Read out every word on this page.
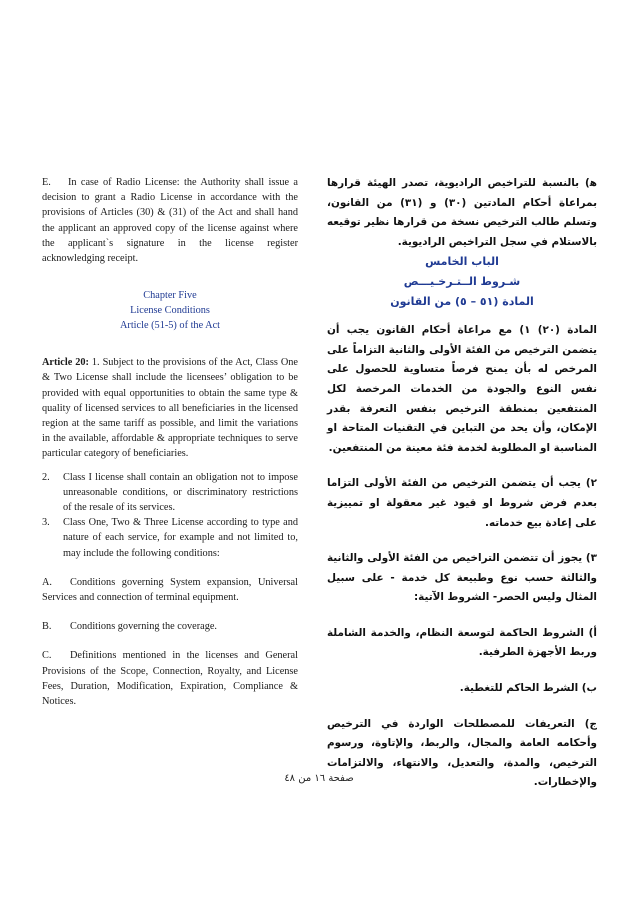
E. In case of Radio License: the Authority shall issue a decision to grant a Radio License in accordance with the provisions of Articles (30) & (31) of the Act and shall hand the applicant an approved copy of the license against where the applicant`s signature in the license register acknowledging receipt.

Chapter Five
License Conditions
Article (51-5) of the Act

Article 20: 1. Subject to the provisions of the Act, Class One & Two License shall include the licensees’ obligation to be provided with equal opportunities to obtain the same type & quality of licensed services to all beneficiaries in the licensed region at the same tariff as possible, and limit the variations in the available, affordable & appropriate techniques to serve particular category of beneficiaries.

2. Class I license shall contain an obligation not to impose unreasonable conditions, or discriminatory restrictions of the resale of its services.
3. Class One, Two & Three License according to type and nature of each service, for example and not limited to, may include the following conditions:

A. Conditions governing System expansion, Universal Services and connection of terminal equipment.

B. Conditions governing the coverage.

C. Definitions mentioned in the licenses and General Provisions of the Scope, Connection, Royalty, and License Fees, Duration, Modification, Expiration, Compliance & Notices.

ﻫ) بالنسبة للتراخيص الراديوية، تصدر الهيئة قرارها بمراعاة أحكام المادتين (٣٠) و (٣١) من القانون، وتسلم طالب الترخيص نسخة من قرارها نظير توقيعه بالاستلام في سجل التراخيص الراديوية.

الباب الخامس
شـروط الــتـرخـيـــص
المادة (٥١ – ٥) من القانون

المادة (٢٠) ١) مع مراعاة أحكام القانون يجب أن يتضمن الترخيص من الفئة الأولى والثانية التزاماً على المرخص له بأن يمنح فرصاً متساوية للحصول على نفس النوع والجودة من الخدمات المرخصة لكل المنتفعين بمنطقة الترخيص بنفس التعرفة بقدر الإمكان، وأن يحد من التباين في التقنيات المتاحة او المناسبة او المطلوبة لخدمة فئة معينة من المنتفعين.

٢) يجب أن يتضمن الترخيص من الفئة الأولى التزاما بعدم فرض شروط او قيود غير معقولة او تمييزية على إعادة بيع خدماته.

٣) يجوز أن تتضمن التراخيص من الفئة الأولى والثانية والثالثة حسب نوع وطبيعة كل خدمة - على سبيل المثال وليس الحصر- الشروط الآتية:

أ) الشروط الحاكمة لتوسعة النظام، والخدمة الشاملة وربط الأجهزة الطرفية.

ب) الشرط الحاكم للتغطية.

ج) التعريفات للمصطلحات الواردة في الترخيص وأحكامه العامة والمجال، والربط، والإتاوة، ورسوم الترخيص، والمدة، والتعديل، والانتهاء، والالتزامات والإخطارات.

صفحة ١٦ من ٤٨
